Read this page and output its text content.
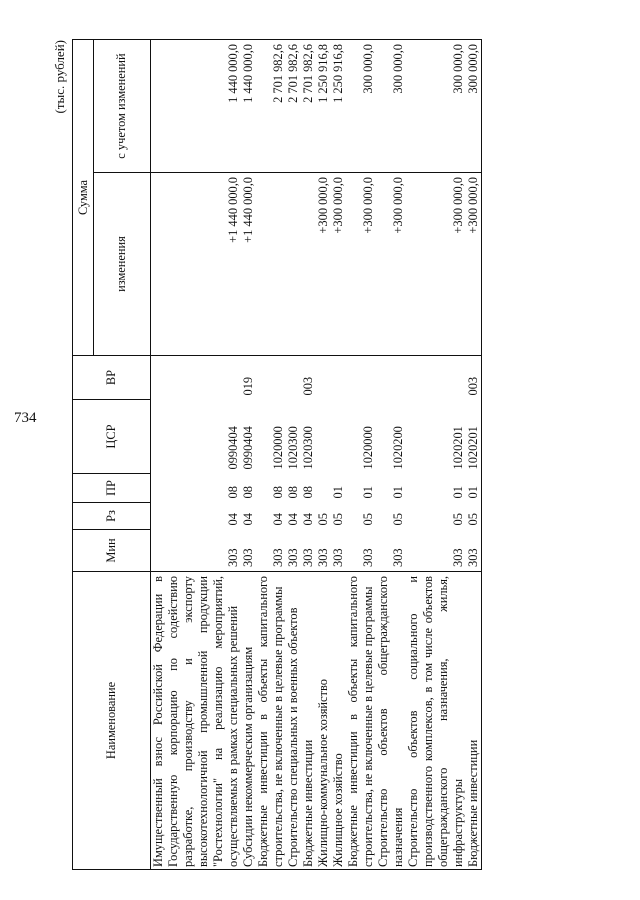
734
(тыс. рублей)
Наименование	Мин	Рз	ПР	ЦСР	ВР	Сумма	
						изменения	с учетом изменений
Имущественный взнос Российской Федерации в Государственную корпорацию по содействию разработке, производству и экспорту высокотехнологичной промышленной продукции "Ростехнологии" на реализацию мероприятий, осуществляемых в рамках специальных решений	303	04	08	0990404		+1 440 000,0	1 440 000,0
Субсидии некоммерческим организациям	303	04	08	0990404	019	+1 440 000,0	1 440 000,0
Бюджетные инвестиции в объекты капитального строительства, не включенные в целевые программы	303	04	08	1020000			2 701 982,6
Строительство специальных и военных объектов	303	04	08	1020300			2 701 982,6
Бюджетные инвестиции	303	04	08	1020300	003		2 701 982,6
Жилищно-коммунальное хозяйство	303	05				+300 000,0	1 250 916,8
Жилищное хозяйство	303	05	01			+300 000,0	1 250 916,8
Бюджетные инвестиции в объекты капитального строительства, не включенные в целевые программы	303	05	01	1020000		+300 000,0	300 000,0
Строительство объектов общегражданского назначения	303	05	01	1020200		+300 000,0	300 000,0
Строительство объектов социального и производственного комплексов, в том числе объектов общегражданского назначения, жилья, инфраструктуры	303	05	01	1020201		+300 000,0	300 000,0
Бюджетные инвестиции	303	05	01	1020201	003	+300 000,0	300 000,0
